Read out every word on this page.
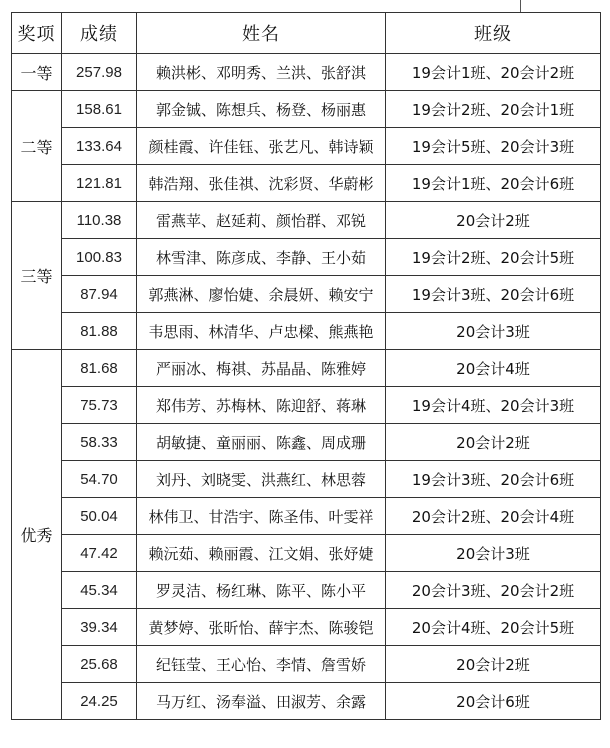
奖项	成绩	姓名	班级
一等	257.98	赖洪彬、邓明秀、兰洪、张舒淇	19会计1班、20会计2班
二等	158.61	郭金铖、陈想兵、杨登、杨丽惠	19会计2班、20会计1班
	133.64	颜桂霞、许佳钰、张艺凡、韩诗颖	19会计5班、20会计3班
	121.81	韩浩翔、张佳祺、沈彩贤、华蔚彬	19会计1班、20会计6班
三等	110.38	雷燕苹、赵延莉、颜怡群、邓锐	20会计2班
	100.83	林雪津、陈彦成、李静、王小茹	19会计2班、20会计5班
	87.94	郭燕淋、廖怡婕、余晨妍、赖安宁	19会计3班、20会计6班
	81.88	韦思雨、林清华、卢忠樑、熊燕艳	20会计3班
优秀	81.68	严丽冰、梅祺、苏晶晶、陈雅婷	20会计4班
	75.73	郑伟芳、苏梅林、陈迎舒、蒋琳	19会计4班、20会计3班
	58.33	胡敏捷、童丽丽、陈鑫、周成珊	20会计2班
	54.70	刘丹、刘晓雯、洪燕红、林思蓉	19会计3班、20会计6班
	50.04	林伟卫、甘浩宇、陈圣伟、叶雯祥	20会计2班、20会计4班
	47.42	赖沅茹、赖丽霞、江文娟、张妤婕	20会计3班
	45.34	罗灵洁、杨红琳、陈平、陈小平	20会计3班、20会计2班
	39.34	黄梦婷、张昕怡、薛宇杰、陈骏铠	20会计4班、20会计5班
	25.68	纪钰莹、王心怡、李情、詹雪娇	20会计2班
	24.25	马万红、汤奉溢、田淑芳、余露	20会计6班
